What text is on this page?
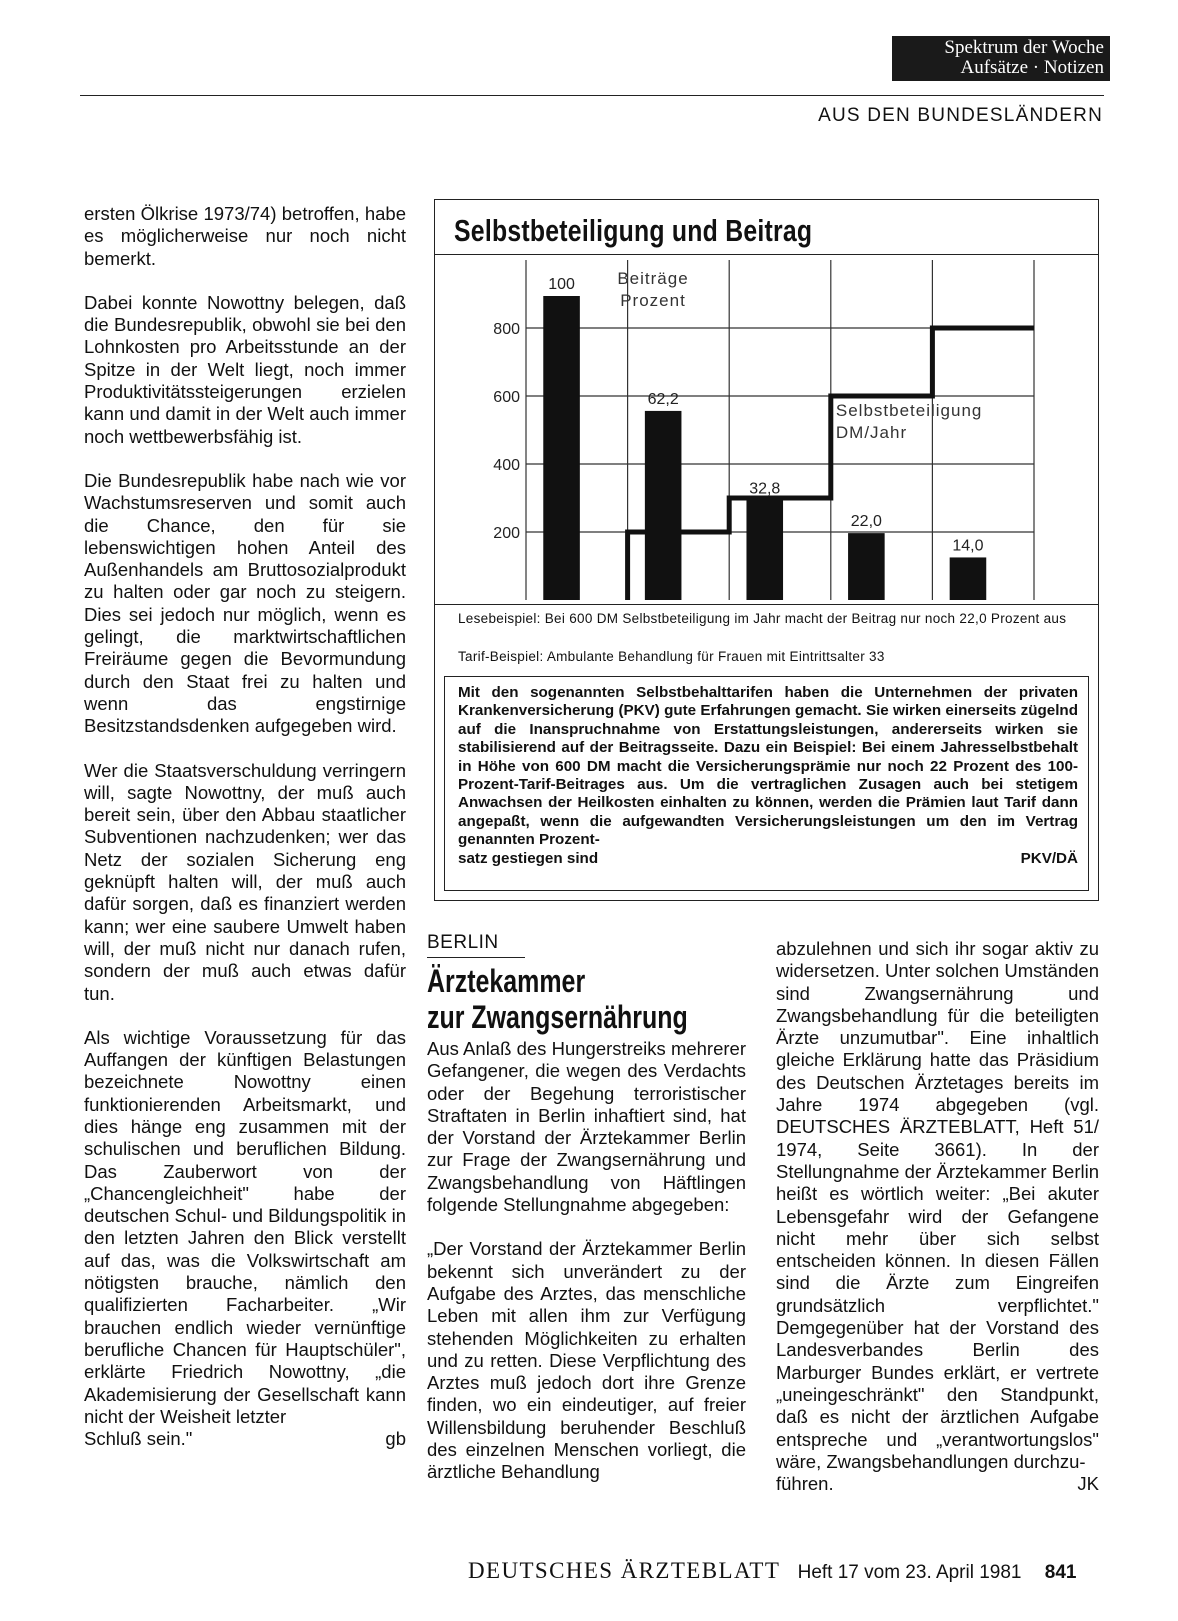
Spektrum der Woche
Aufsätze · Notizen
AUS DEN BUNDESLÄNDERN

ersten Ölkrise 1973/74) betroffen, habe es möglicherweise nur noch nicht bemerkt.

Dabei konnte Nowottny belegen, daß die Bundesrepublik, obwohl sie bei den Lohnkosten pro Arbeitsstunde an der Spitze in der Welt liegt, noch immer Produktivitätssteigerungen erzielen kann und damit in der Welt auch immer noch wettbewerbsfähig ist.

Die Bundesrepublik habe nach wie vor Wachstumsreserven und somit auch die Chance, den für sie lebenswichtigen hohen Anteil des Außenhandels am Bruttosozialprodukt zu halten oder gar noch zu steigern. Dies sei jedoch nur möglich, wenn es gelingt, die marktwirtschaftlichen Freiräume gegen die Bevormundung durch den Staat frei zu halten und wenn das engstirnige Besitzstandsdenken aufgegeben wird.

Wer die Staatsverschuldung verringern will, sagte Nowottny, der muß auch bereit sein, über den Abbau staatlicher Subventionen nachzudenken; wer das Netz der sozialen Sicherung eng geknüpft halten will, der muß auch dafür sorgen, daß es finanziert werden kann; wer eine saubere Umwelt haben will, der muß nicht nur danach rufen, sondern der muß auch etwas dafür tun.

Als wichtige Voraussetzung für das Auffangen der künftigen Belastungen bezeichnete Nowottny einen funktionierenden Arbeitsmarkt, und dies hänge eng zusammen mit der schulischen und beruflichen Bildung. Das Zauberwort von der „Chancengleichheit" habe der deutschen Schul- und Bildungspolitik in den letzten Jahren den Blick verstellt auf das, was die Volkswirtschaft am nötigsten brauche, nämlich den qualifizierten Facharbeiter. „Wir brauchen endlich wieder vernünftige berufliche Chancen für Hauptschüler", erklärte Friedrich Nowottny, „die Akademisierung der Gesellschaft kann nicht der Weisheit letzter

Schluß sein."	gb
Selbstbeteiligung und Beitrag
200
400
600
800
100
62,2
32,8
22,0
14,0
Beiträge
Prozent
Selbstbeteiligung
DM/Jahr
Lesebeispiel: Bei 600 DM Selbstbeteiligung im Jahr macht der Beitrag nur noch 22,0 Prozent aus
Tarif-Beispiel: Ambulante Behandlung für Frauen mit Eintrittsalter 33
Mit den sogenannten Selbstbehalttarifen haben die Unternehmen der privaten Krankenversicherung (PKV) gute Erfahrungen gemacht. Sie wirken einerseits zügelnd auf die Inanspruchnahme von Erstattungsleistungen, andererseits wirken sie stabilisierend auf der Beitragsseite. Dazu ein Beispiel: Bei einem Jahresselbstbehalt in Höhe von 600 DM macht die Versicherungsprämie nur noch 22 Prozent des 100-Prozent-Tarif-Beitrages aus. Um die vertraglichen Zusagen auch bei stetigem Anwachsen der Heilkosten einhalten zu können, werden die Prämien laut Tarif dann angepaßt, wenn die aufgewandten Versicherungsleistungen um den im Vertrag genannten Prozent-
satz gestiegen sind	PKV/DÄ
BERLIN
Ärztekammer
zur Zwangsernährung

Aus Anlaß des Hungerstreiks mehrerer Gefangener, die wegen des Verdachts oder der Begehung terroristischer Straftaten in Berlin inhaftiert sind, hat der Vorstand der Ärztekammer Berlin zur Frage der Zwangsernährung und Zwangsbehandlung von Häftlingen folgende Stellungnahme abgegeben:

„Der Vorstand der Ärztekammer Berlin bekennt sich unverändert zu der Aufgabe des Arztes, das menschliche Leben mit allen ihm zur Verfügung stehenden Möglichkeiten zu erhalten und zu retten. Diese Verpflichtung des Arztes muß jedoch dort ihre Grenze finden, wo ein eindeutiger, auf freier Willensbildung beruhender Beschluß des einzelnen Menschen vorliegt, die ärztliche Behandlung

abzulehnen und sich ihr sogar aktiv zu widersetzen. Unter solchen Umständen sind Zwangsernährung und Zwangsbehandlung für die beteiligten Ärzte unzumutbar". Eine inhaltlich gleiche Erklärung hatte das Präsidium des Deutschen Ärztetages bereits im Jahre 1974 abgegeben (vgl. DEUTSCHES ÄRZTEBLATT, Heft 51/ 1974, Seite 3661). In der Stellungnahme der Ärztekammer Berlin heißt es wörtlich weiter: „Bei akuter Lebensgefahr wird der Gefangene nicht mehr über sich selbst entscheiden können. In diesen Fällen sind die Ärzte zum Eingreifen grundsätzlich verpflichtet." Demgegenüber hat der Vorstand des Landesverbandes Berlin des Marburger Bundes erklärt, er vertrete „uneingeschränkt" den Standpunkt, daß es nicht der ärztlichen Aufgabe entspreche und „verantwortungslos" wäre, Zwangsbehandlungen durchzu-

führen.	JK
DEUTSCHES ÄRZTEBLATT Heft 17 vom 23. April 1981 841
